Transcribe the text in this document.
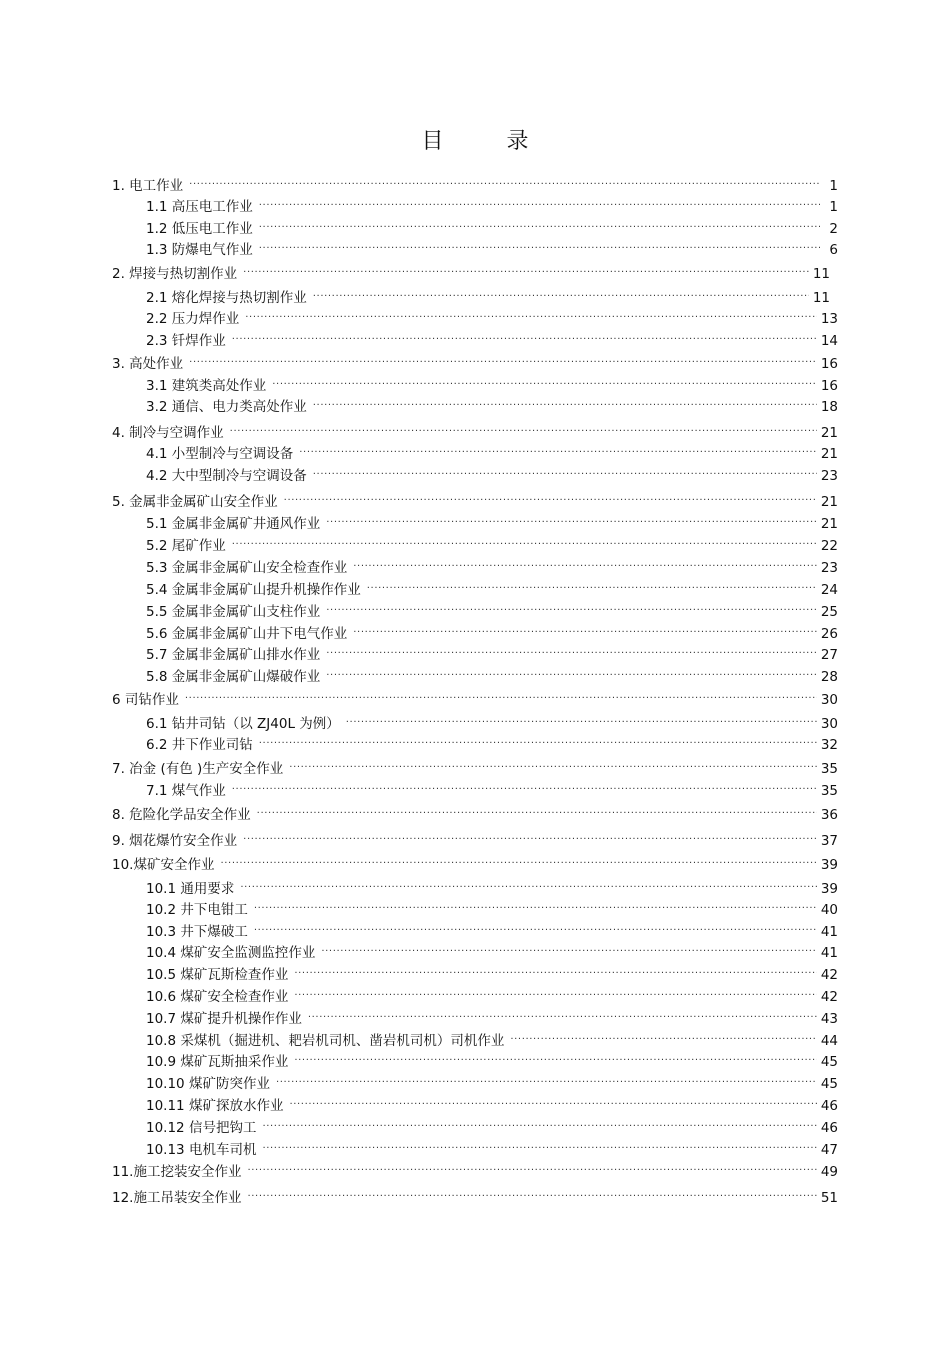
目 录
1. 电工作业 .....	1
1.1 高压电工作业 .....	1
1.2 低压电工作业 .....	2
1.3 防爆电气作业 .....	6
2. 焊接与热切割作业 .....	11
2.1 熔化焊接与热切割作业 .....	11
2.2 压力焊作业 .....	13
2.3 钎焊作业 .....	14
3. 高处作业 .....	16
3.1 建筑类高处作业 .....	16
3.2 通信、电力类高处作业 .....	18
4. 制冷与空调作业 .....	21
4.1 小型制冷与空调设备 .....	21
4.2 大中型制冷与空调设备 .....	23
5. 金属非金属矿山安全作业 .....	21
5.1 金属非金属矿井通风作业 .....	21
5.2 尾矿作业 .....	22
5.3 金属非金属矿山安全检查作业 .....	23
5.4 金属非金属矿山提升机操作作业 .....	24
5.5 金属非金属矿山支柱作业 .....	25
5.6 金属非金属矿山井下电气作业 .....	26
5.7 金属非金属矿山排水作业 .....	27
5.8 金属非金属矿山爆破作业 .....	28
6 司钻作业 .....	30
6.1 钻井司钻（以 ZJ40L 为例） .....	30
6.2 井下作业司钻 .....	32
7. 冶金 (有色 )生产安全作业 .....	35
7.1 煤气作业 .....	35
8. 危险化学品安全作业 .....	36
9. 烟花爆竹安全作业 .....	37
10.煤矿安全作业 .....	39
10.1 通用要求 .....	39
10.2 井下电钳工 .....	40
10.3 井下爆破工 .....	41
10.4 煤矿安全监测监控作业 .....	41
10.5 煤矿瓦斯检查作业 .....	42
10.6 煤矿安全检查作业 .....	42
10.7 煤矿提升机操作作业 .....	43
10.8 采煤机（掘进机、耙岩机司机、凿岩机司机）司机作业 .....	44
10.9 煤矿瓦斯抽采作业 .....	45
10.10 煤矿防突作业 .....	45
10.11 煤矿探放水作业 .....	46
10.12 信号把钩工 .....	46
10.13 电机车司机 .....	47
11.施工挖装安全作业 .....	49
12.施工吊装安全作业 .....	51
